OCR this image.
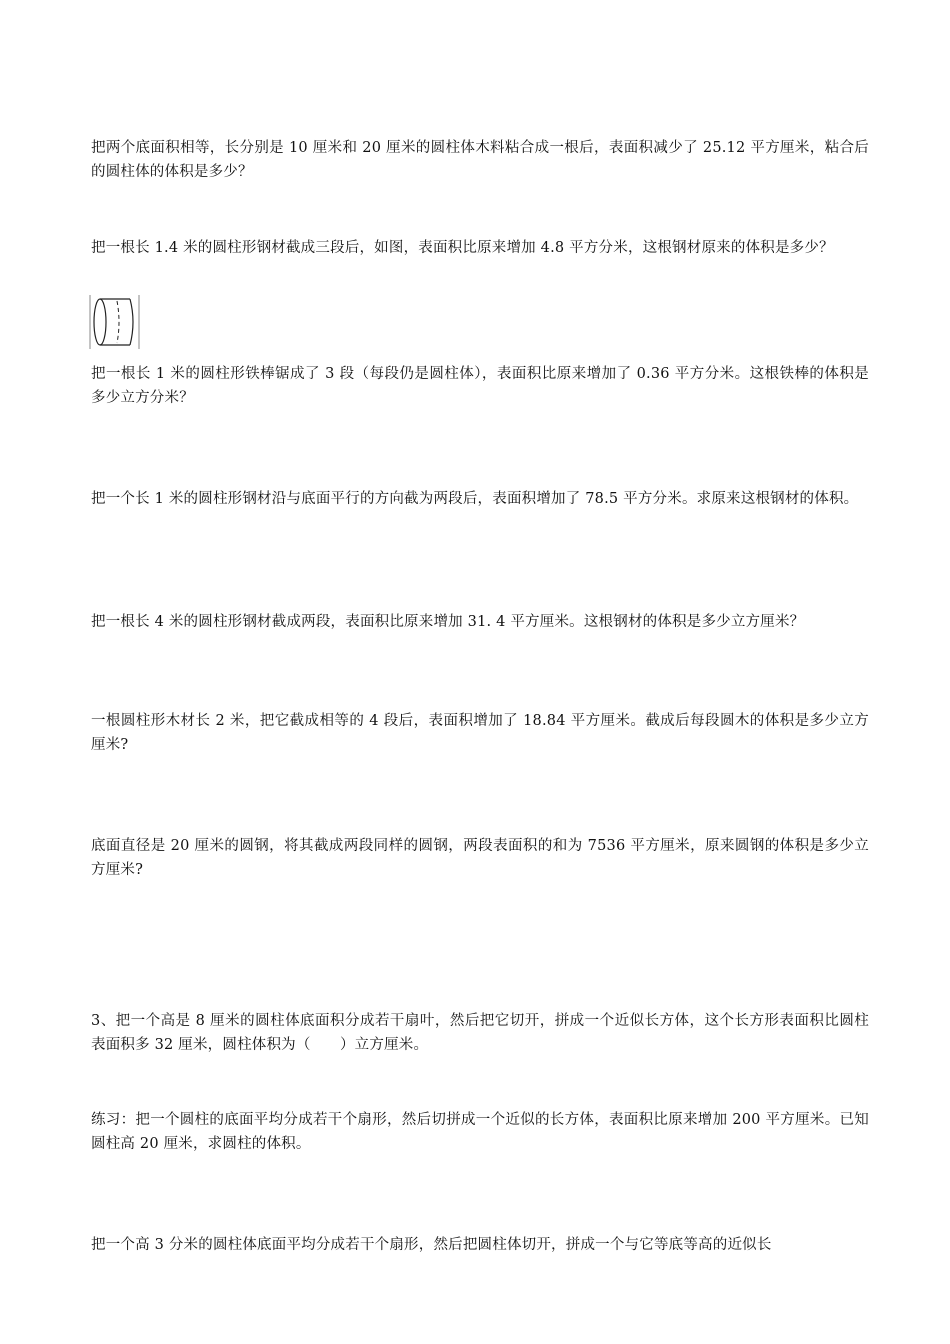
把两个底面积相等，长分别是 10 厘米和 20 厘米的圆柱体木料粘合成一根后，表面积减少了 25.12 平方厘米，粘合后的圆柱体的体积是多少？
把一根长 1.4 米的圆柱形钢材截成三段后，如图，表面积比原来增加 4.8 平方分米，这根钢材原来的体积是多少？
把一根长 1 米的圆柱形铁棒锯成了 3 段（每段仍是圆柱体），表面积比原来增加了 0.36 平方分米。这根铁棒的体积是多少立方分米？
把一个长 1 米的圆柱形钢材沿与底面平行的方向截为两段后，表面积增加了 78.5 平方分米。求原来这根钢材的体积。
把一根长 4 米的圆柱形钢材截成两段，表面积比原来增加 31. 4 平方厘米。这根钢材的体积是多少立方厘米？
一根圆柱形木材长 2 米，把它截成相等的 4 段后，表面积增加了 18.84 平方厘米。截成后每段圆木的体积是多少立方厘米?
底面直径是 20 厘米的圆钢，将其截成两段同样的圆钢，两段表面积的和为 7536 平方厘米，原来圆钢的体积是多少立方厘米?
3、把一个高是 8 厘米的圆柱体底面积分成若干扇叶，然后把它切开，拼成一个近似长方体，这个长方形表面积比圆柱表面积多 32 厘米，圆柱体积为（　　）立方厘米。
练习：把一个圆柱的底面平均分成若干个扇形，然后切拼成一个近似的长方体，表面积比原来增加 200 平方厘米。已知圆柱高 20 厘米，求圆柱的体积。
把一个高 3 分米的圆柱体底面平均分成若干个扇形，然后把圆柱体切开，拼成一个与它等底等高的近似长
